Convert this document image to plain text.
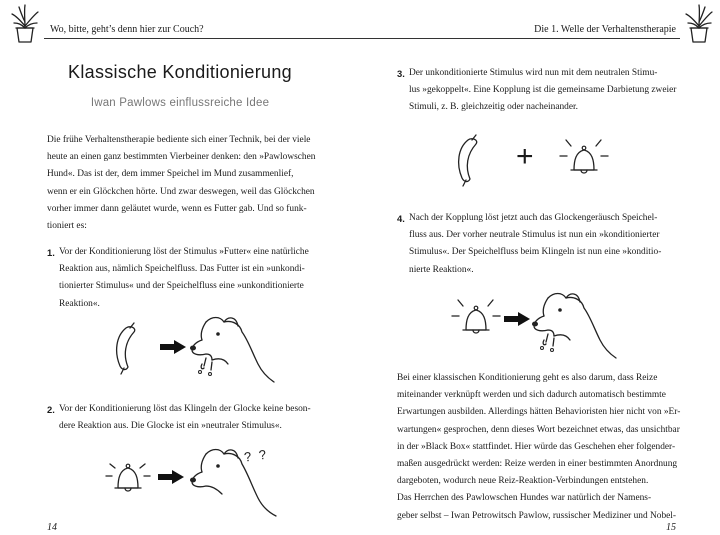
Wo, bitte, geht’s denn hier zur Couch?
Klassische Konditionierung
Iwan Pawlows einflussreiche Idee
Die frühe Verhaltenstherapie bediente sich einer Technik, bei der viele
heute an einen ganz bestimmten Vierbeiner denken: den »Pawlowschen
Hund«. Das ist der, dem immer Speichel im Mund zusammenlief,
wenn er ein Glöckchen hörte. Und zwar deswegen, weil das Glöckchen
vorher immer dann geläutet wurde, wenn es Futter gab. Und so funk-
tioniert es:
1. Vor der Konditionierung löst der Stimulus »Futter« eine natürliche
Reaktion aus, nämlich Speichelfluss. Das Futter ist ein »unkondi-
tionierter Stimulus« und der Speichelfluss eine »unkonditionierte
Reaktion«.
2. Vor der Konditionierung löst das Klingeln der Glocke keine beson-
dere Reaktion aus. Die Glocke ist ein »neutraler Stimulus«.
? ?
14
Die 1. Welle der Verhaltenstherapie
3. Der unkonditionierte Stimulus wird nun mit dem neutralen Stimu-
lus »gekoppelt«. Eine Kopplung ist die gemeinsame Darbietung zweier
Stimuli, z. B. gleichzeitig oder nacheinander.
+
4. Nach der Kopplung löst jetzt auch das Glockengeräusch Speichel-
fluss aus. Der vorher neutrale Stimulus ist nun ein »konditionierter
Stimulus«. Der Speichelfluss beim Klingeln ist nun eine »konditio-
nierte Reaktion«.
Bei einer klassischen Konditionierung geht es also darum, dass Reize
miteinander verknüpft werden und sich dadurch automatisch bestimmte
Erwartungen ausbilden. Allerdings hätten Behavioristen hier nicht von »Er-
wartungen« gesprochen, denn dieses Wort bezeichnet etwas, das unsichtbar
in der »Black Box« stattfindet. Hier würde das Geschehen eher folgender-
maßen ausgedrückt werden: Reize werden in einer bestimmten Anordnung
dargeboten, wodurch neue Reiz-Reaktion-Verbindungen entstehen.
Das Herrchen des Pawlowschen Hundes war natürlich der Namens-
geber selbst – Iwan Petrowitsch Pawlow, russischer Mediziner und Nobel-
15
